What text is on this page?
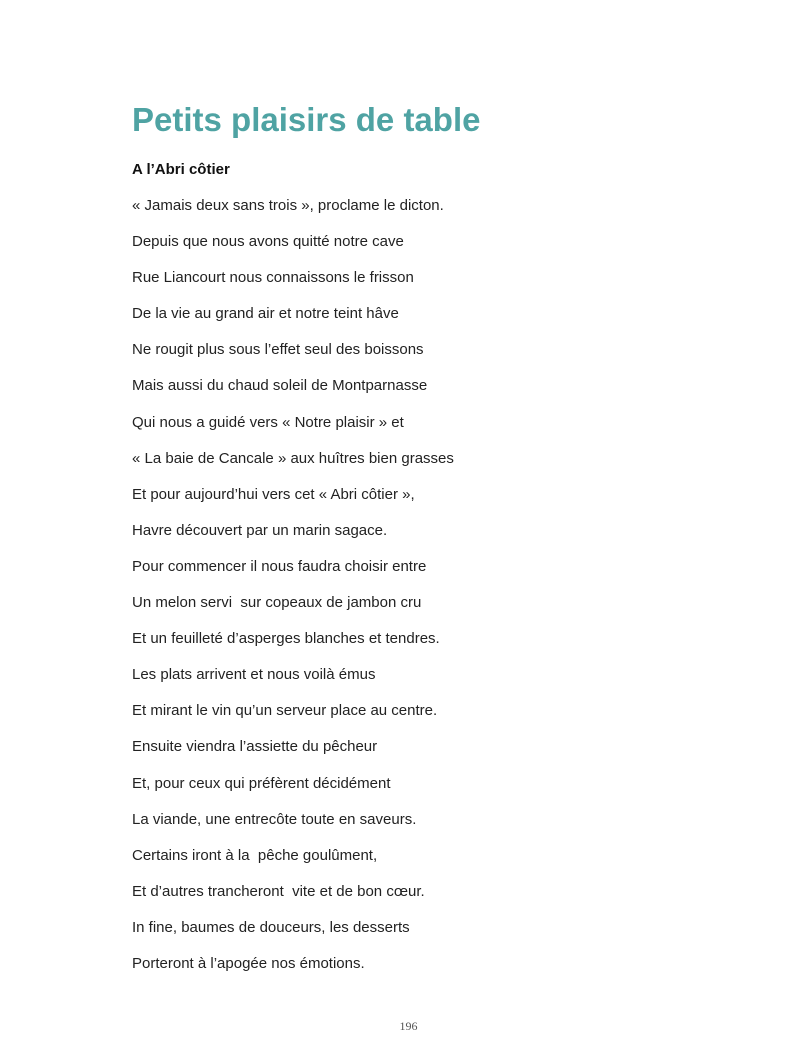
Petits plaisirs de table
A l’Abri côtier
« Jamais deux sans trois », proclame le dicton.
Depuis que nous avons quitté notre cave
Rue Liancourt nous connaissons le frisson
De la vie au grand air et notre teint hâve
Ne rougit plus sous l’effet seul des boissons
Mais aussi du chaud soleil de Montparnasse
Qui nous a guidé vers « Notre plaisir » et
« La baie de Cancale » aux huîtres bien grasses
Et pour aujourd’hui vers cet « Abri côtier »,
Havre découvert par un marin sagace.
Pour commencer il nous faudra choisir entre
Un melon servi  sur copeaux de jambon cru
Et un feuilleté d’asperges blanches et tendres.
Les plats arrivent et nous voilà émus
Et mirant le vin qu’un serveur place au centre.
Ensuite viendra l’assiette du pêcheur
Et, pour ceux qui préfèrent décidément
La viande, une entrecôte toute en saveurs.
Certains iront à la  pêche goulûment,
Et d’autres trancheront  vite et de bon cœur.
In fine, baumes de douceurs, les desserts
Porteront à l’apogée nos émotions.
196
